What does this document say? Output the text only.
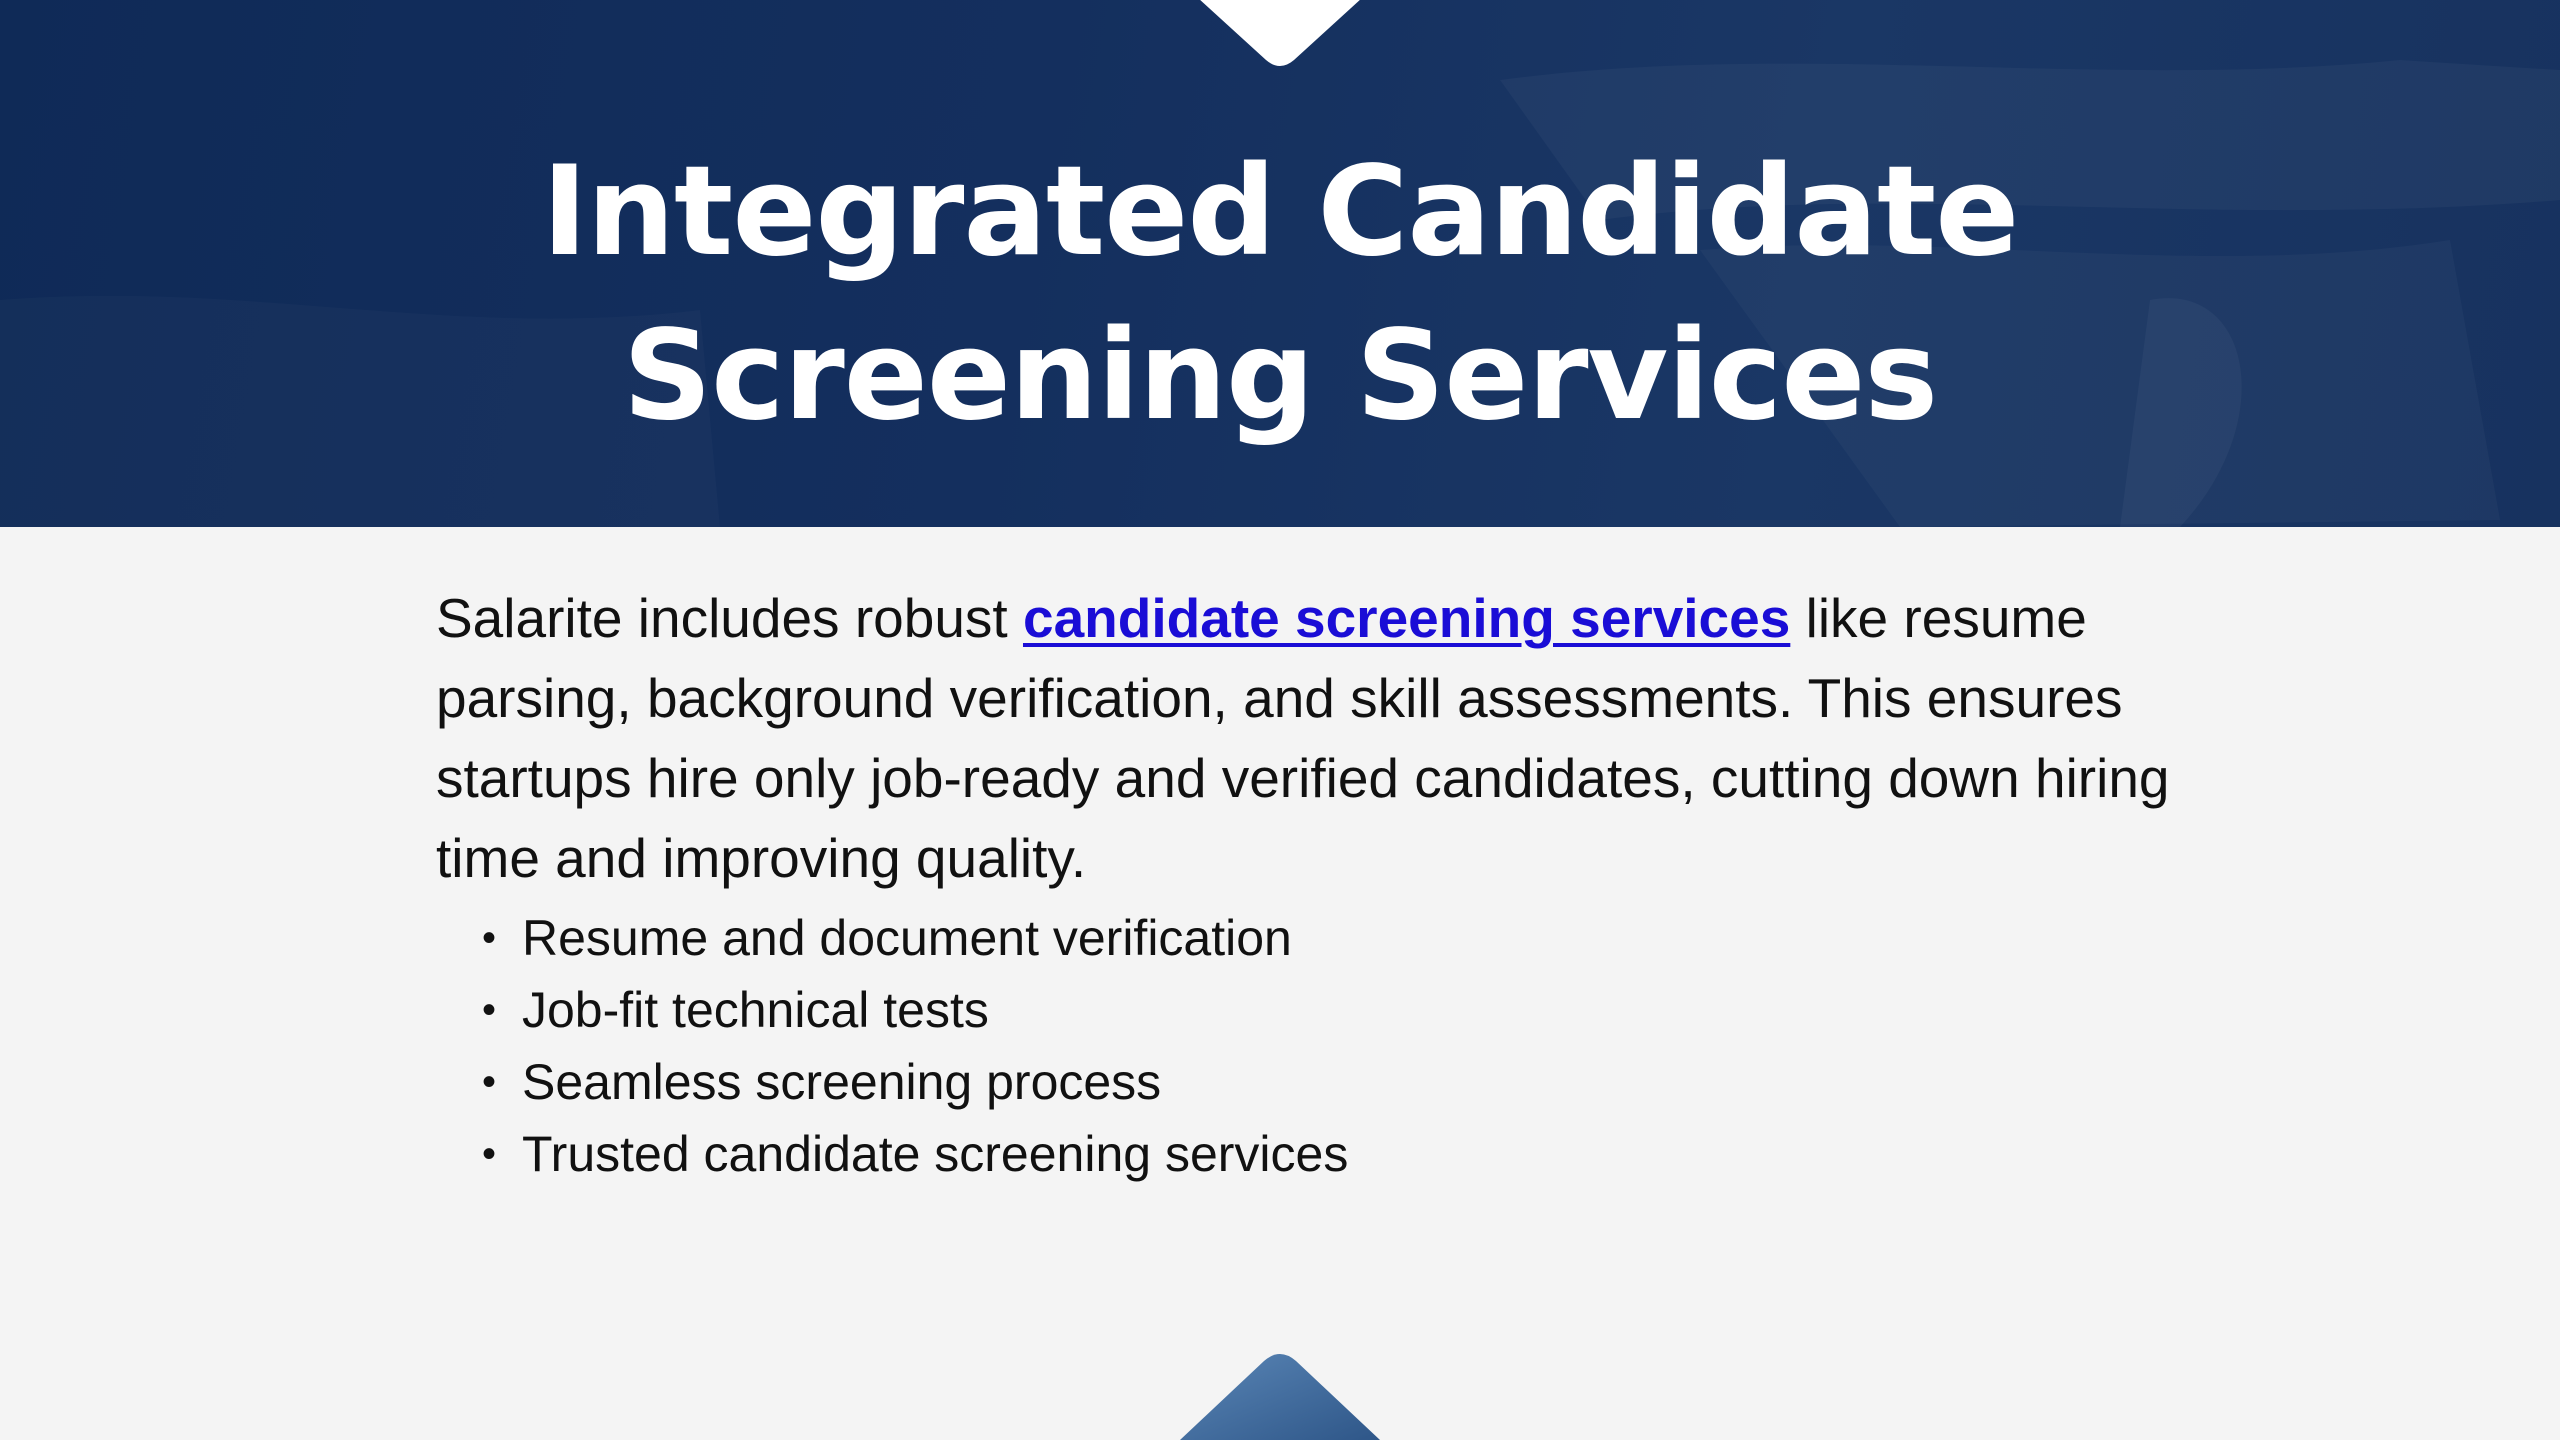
Integrated Candidate
Screening Services

Salarite includes robust candidate screening services like resume parsing, background verification, and skill assessments. This ensures startups hire only job-ready and verified candidates, cutting down hiring time and improving quality.

• Resume and document verification
• Job-fit technical tests
• Seamless screening process
• Trusted candidate screening services
